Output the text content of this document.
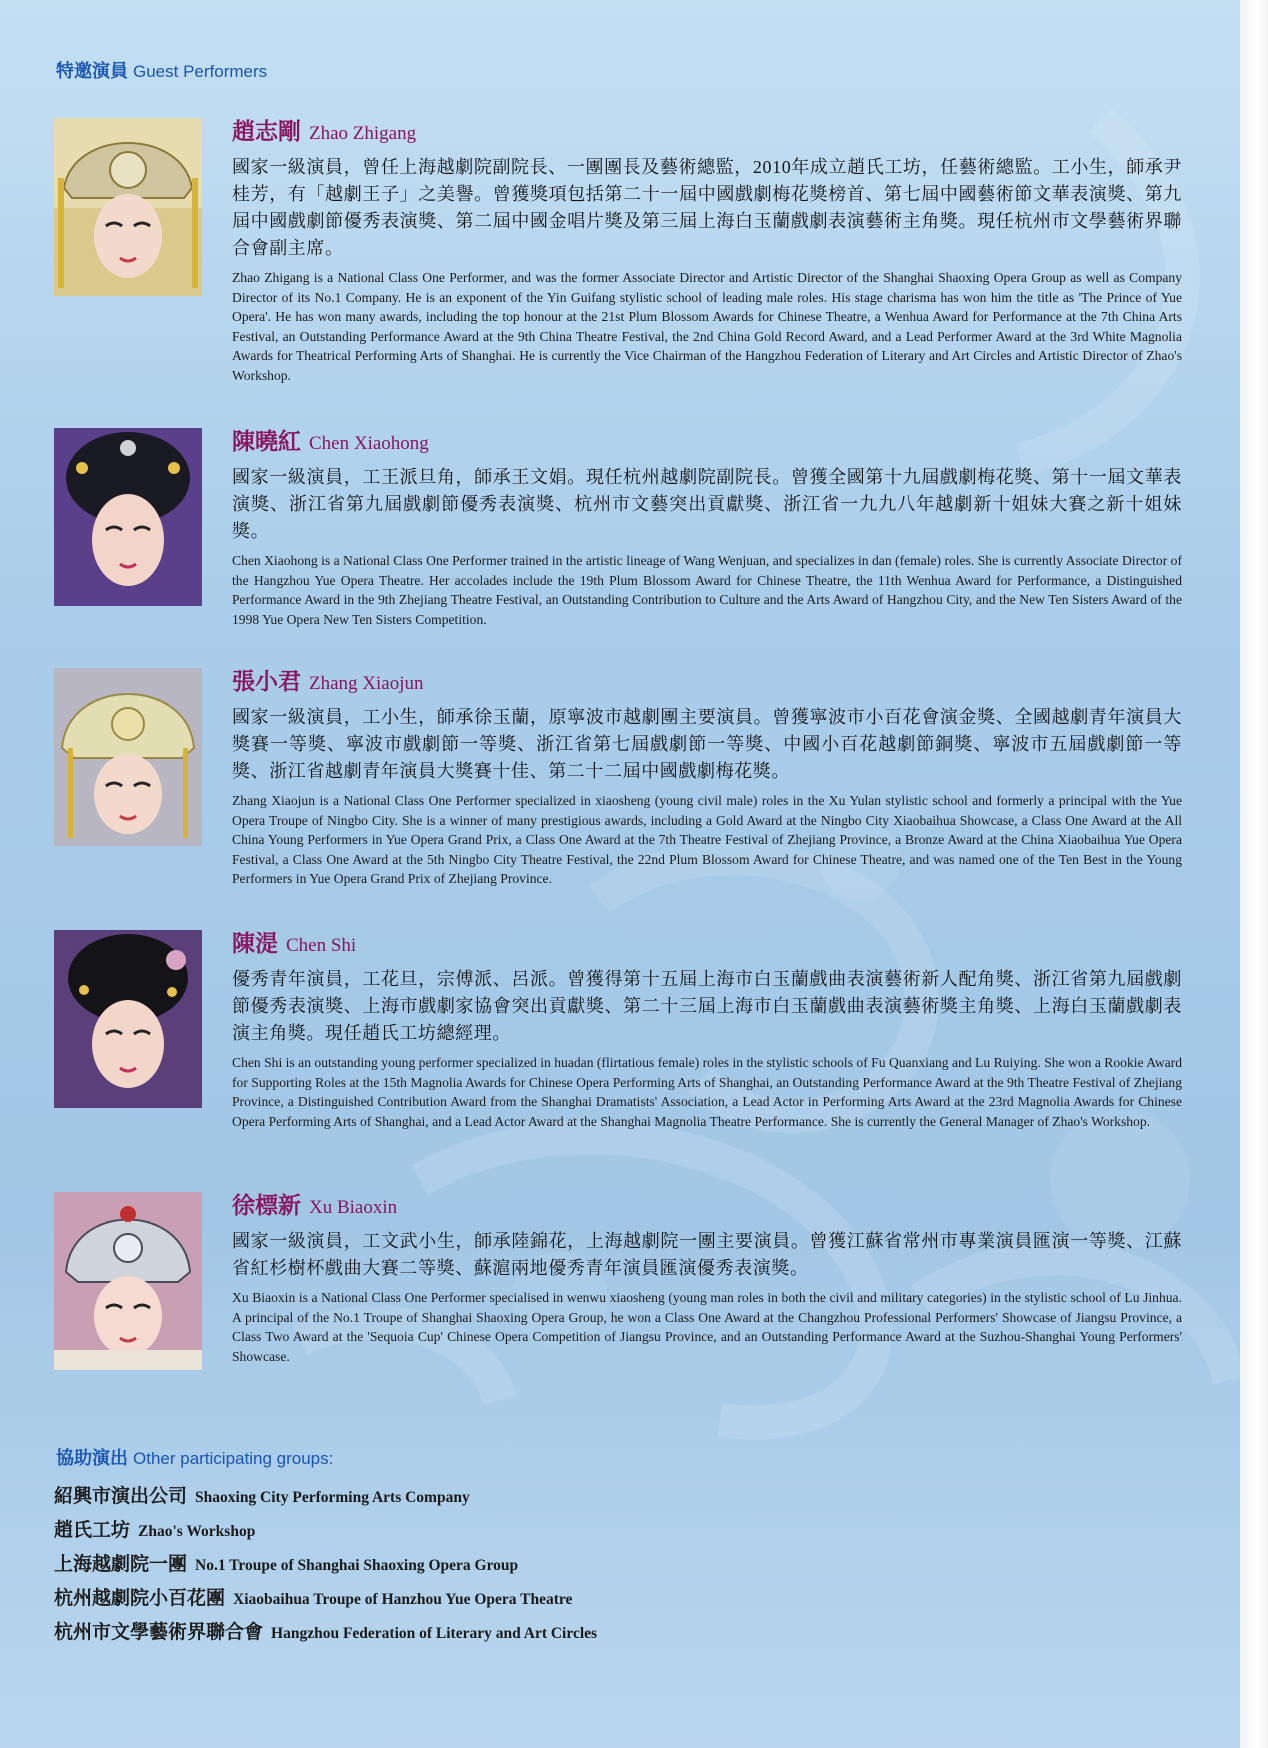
特邀演員 Guest Performers

趙志剛 Zhao Zhigang

國家一級演員，曾任上海越劇院副院長、一團團長及藝術總監，2010年成立趙氏工坊，任藝術總監。工小生，師承尹桂芳，有「越劇王子」之美譽。曾獲獎項包括第二十一屆中國戲劇梅花獎榜首、第七屆中國藝術節文華表演獎、第九屆中國戲劇節優秀表演獎、第二屆中國金唱片獎及第三屆上海白玉蘭戲劇表演藝術主角獎。現任杭州市文學藝術界聯合會副主席。

Zhao Zhigang is a National Class One Performer, and was the former Associate Director and Artistic Director of the Shanghai Shaoxing Opera Group as well as Company Director of its No.1 Company. He is an exponent of the Yin Guifang stylistic school of leading male roles. His stage charisma has won him the title as 'The Prince of Yue Opera'. He has won many awards, including the top honour at the 21st Plum Blossom Awards for Chinese Theatre, a Wenhua Award for Performance at the 7th China Arts Festival, an Outstanding Performance Award at the 9th China Theatre Festival, the 2nd China Gold Record Award, and a Lead Performer Award at the 3rd White Magnolia Awards for Theatrical Performing Arts of Shanghai. He is currently the Vice Chairman of the Hangzhou Federation of Literary and Art Circles and Artistic Director of Zhao's Workshop.

陳曉紅 Chen Xiaohong

國家一級演員，工王派旦角，師承王文娟。現任杭州越劇院副院長。曾獲全國第十九屆戲劇梅花獎、第十一屆文華表演獎、浙江省第九屆戲劇節優秀表演獎、杭州市文藝突出貢獻獎、浙江省一九九八年越劇新十姐妹大賽之新十姐妹獎。

Chen Xiaohong is a National Class One Performer trained in the artistic lineage of Wang Wenjuan, and specializes in dan (female) roles. She is currently Associate Director of the Hangzhou Yue Opera Theatre. Her accolades include the 19th Plum Blossom Award for Chinese Theatre, the 11th Wenhua Award for Performance, a Distinguished Performance Award in the 9th Zhejiang Theatre Festival, an Outstanding Contribution to Culture and the Arts Award of Hangzhou City, and the New Ten Sisters Award of the 1998 Yue Opera New Ten Sisters Competition.

張小君 Zhang Xiaojun

國家一級演員，工小生，師承徐玉蘭，原寧波市越劇團主要演員。曾獲寧波市小百花會演金獎、全國越劇青年演員大獎賽一等獎、寧波市戲劇節一等獎、浙江省第七屆戲劇節一等獎、中國小百花越劇節銅獎、寧波市五屆戲劇節一等獎、浙江省越劇青年演員大獎賽十佳、第二十二屆中國戲劇梅花獎。

Zhang Xiaojun is a National Class One Performer specialized in xiaosheng (young civil male) roles in the Xu Yulan stylistic school and formerly a principal with the Yue Opera Troupe of Ningbo City. She is a winner of many prestigious awards, including a Gold Award at the Ningbo City Xiaobaihua Showcase, a Class One Award at the All China Young Performers in Yue Opera Grand Prix, a Class One Award at the 7th Theatre Festival of Zhejiang Province, a Bronze Award at the China Xiaobaihua Yue Opera Festival, a Class One Award at the 5th Ningbo City Theatre Festival, the 22nd Plum Blossom Award for Chinese Theatre, and was named one of the Ten Best in the Young Performers in Yue Opera Grand Prix of Zhejiang Province.

陳湜 Chen Shi

優秀青年演員，工花旦，宗傅派、呂派。曾獲得第十五屆上海市白玉蘭戲曲表演藝術新人配角獎、浙江省第九屆戲劇節優秀表演獎、上海市戲劇家協會突出貢獻獎、第二十三屆上海市白玉蘭戲曲表演藝術獎主角獎、上海白玉蘭戲劇表演主角獎。現任趙氏工坊總經理。

Chen Shi is an outstanding young performer specialized in huadan (flirtatious female) roles in the stylistic schools of Fu Quanxiang and Lu Ruiying. She won a Rookie Award for Supporting Roles at the 15th Magnolia Awards for Chinese Opera Performing Arts of Shanghai, an Outstanding Performance Award at the 9th Theatre Festival of Zhejiang Province, a Distinguished Contribution Award from the Shanghai Dramatists' Association, a Lead Actor in Performing Arts Award at the 23rd Magnolia Awards for Chinese Opera Performing Arts of Shanghai, and a Lead Actor Award at the Shanghai Magnolia Theatre Performance. She is currently the General Manager of Zhao's Workshop.

徐標新 Xu Biaoxin

國家一級演員，工文武小生，師承陸錦花，上海越劇院一團主要演員。曾獲江蘇省常州市專業演員匯演一等獎、江蘇省紅杉樹杯戲曲大賽二等獎、蘇滬兩地優秀青年演員匯演優秀表演獎。

Xu Biaoxin is a National Class One Performer specialised in wenwu xiaosheng (young man roles in both the civil and military categories) in the stylistic school of Lu Jinhua. A principal of the No.1 Troupe of Shanghai Shaoxing Opera Group, he won a Class One Award at the Changzhou Professional Performers' Showcase of Jiangsu Province, a Class Two Award at the 'Sequoia Cup' Chinese Opera Competition of Jiangsu Province, and an Outstanding Performance Award at the Suzhou-Shanghai Young Performers' Showcase.

協助演出 Other participating groups:
紹興市演出公司 Shaoxing City Performing Arts Company
趙氏工坊 Zhao's Workshop
上海越劇院一團 No.1 Troupe of Shanghai Shaoxing Opera Group
杭州越劇院小百花團 Xiaobaihua Troupe of Hanzhou Yue Opera Theatre
杭州市文學藝術界聯合會 Hangzhou Federation of Literary and Art Circles
